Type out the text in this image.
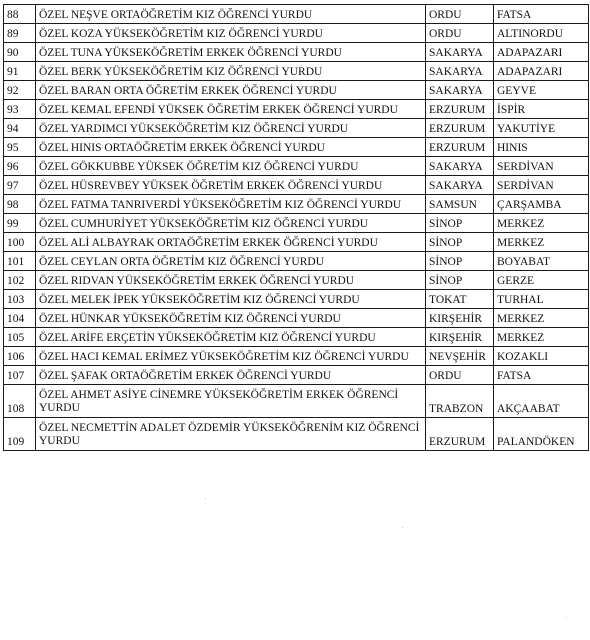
88	ÖZEL NEŞVE ORTAÖĞRETİM KIZ ÖĞRENCİ YURDU	ORDU	FATSA
89	ÖZEL KOZA YÜKSEKÖĞRETİM KIZ ÖĞRENCİ YURDU	ORDU	ALTINORDU
90	ÖZEL TUNA YÜKSEKÖĞRETİM ERKEK ÖĞRENCİ YURDU	SAKARYA	ADAPAZARI
91	ÖZEL BERK YÜKSEKÖĞRETİM KIZ ÖĞRENCİ YURDU	SAKARYA	ADAPAZARI
92	ÖZEL BARAN ORTA ÖĞRETİM ERKEK ÖĞRENCİ YURDU	SAKARYA	GEYVE
93	ÖZEL KEMAL EFENDİ YÜKSEK ÖĞRETİM ERKEK ÖĞRENCİ YURDU	ERZURUM	İSPİR
94	ÖZEL YARDIMCI YÜKSEKÖĞRETİM KIZ ÖĞRENCİ YURDU	ERZURUM	YAKUTİYE
95	ÖZEL HINIS ORTAÖĞRETİM ERKEK ÖĞRENCİ YURDU	ERZURUM	HINIS
96	ÖZEL GÖKKUBBE YÜKSEK ÖĞRETİM KIZ ÖĞRENCİ YURDU	SAKARYA	SERDİVAN
97	ÖZEL HÜSREVBEY YÜKSEK ÖĞRETİM ERKEK ÖĞRENCİ YURDU	SAKARYA	SERDİVAN
98	ÖZEL FATMA TANRIVERDİ YÜKSEKÖĞRETİM KIZ ÖĞRENCİ YURDU	SAMSUN	ÇARŞAMBA
99	ÖZEL CUMHURİYET YÜKSEKÖĞRETİM KIZ ÖĞRENCİ YURDU	SİNOP	MERKEZ
100	ÖZEL ALİ ALBAYRAK ORTAÖĞRETİM ERKEK ÖĞRENCİ YURDU	SİNOP	MERKEZ
101	ÖZEL CEYLAN ORTA ÖĞRETİM KIZ ÖĞRENCİ YURDU	SİNOP	BOYABAT
102	ÖZEL RIDVAN YÜKSEKÖĞRETİM ERKEK ÖĞRENCİ YURDU	SİNOP	GERZE
103	ÖZEL MELEK İPEK YÜKSEKÖĞRETİM KIZ ÖĞRENCİ YURDU	TOKAT	TURHAL
104	ÖZEL HÜNKAR YÜKSEKÖĞRETİM KIZ ÖĞRENCİ YURDU	KIRŞEHİR	MERKEZ
105	ÖZEL ARİFE ERÇETİN YÜKSEKÖĞRETİM KIZ ÖĞRENCİ YURDU	KIRŞEHİR	MERKEZ
106	ÖZEL HACI KEMAL ERİMEZ YÜKSEKÖĞRETİM KIZ ÖĞRENCİ YURDU	NEVŞEHİR	KOZAKLI
107	ÖZEL ŞAFAK ORTAÖĞRETİM ERKEK ÖĞRENCİ YURDU	ORDU	FATSA
108	ÖZEL AHMET ASİYE CİNEMRE YÜKSEKÖĞRETİM ERKEK ÖĞRENCİ YURDU	TRABZON	AKÇAABAT
109	ÖZEL NECMETTİN ADALET ÖZDEMİR YÜKSEKÖĞRENİM KIZ ÖĞRENCİ YURDU	ERZURUM	PALANDÖKEN
